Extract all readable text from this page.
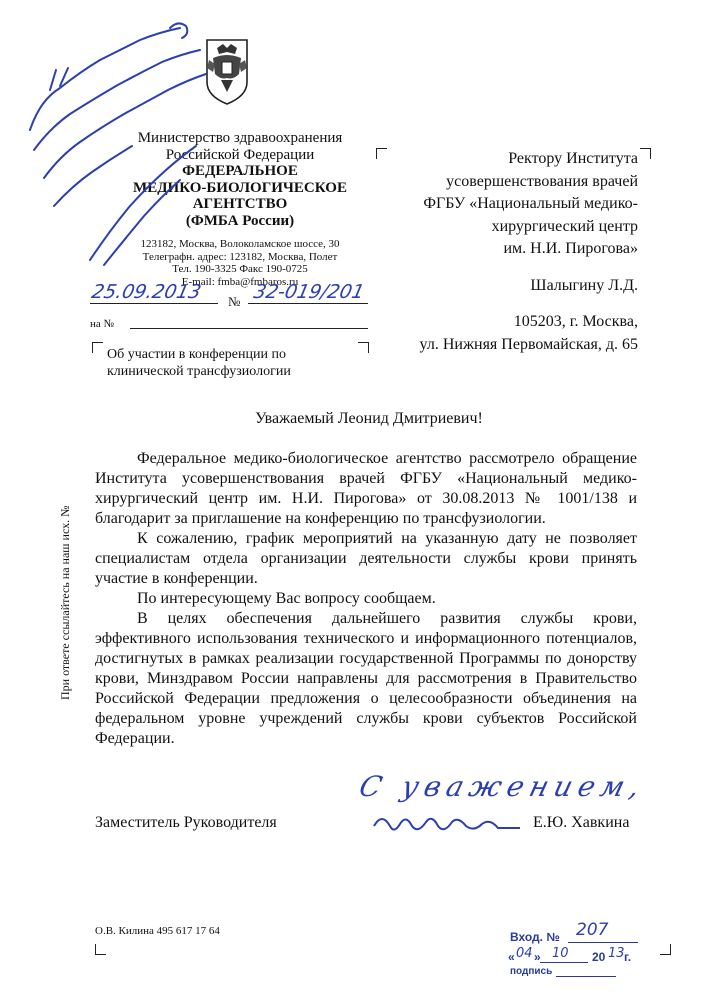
Министерство здравоохранения
Российской Федерации
ФЕДЕРАЛЬНОЕ
МЕДИКО-БИОЛОГИЧЕСКОЕ
АГЕНТСТВО
(ФМБА России)
123182, Москва, Волоколамское шоссе, 30
Телеграфн. адрес: 123182, Москва, Полет
Тел. 190-3325 Факс 190-0725
E-mail: fmba@fmbaros.ru
№
25.09.2013	32-019/201
на №
Об участии в конференции по
клинической трансфузиологии

Ректору Института

усовершенствования врачей

ФГБУ «Национальный медико-

хирургический центр

им. Н.И. Пирогова»

Шалыгину Л.Д.

105203, г. Москва,

ул. Нижняя Первомайская, д. 65

При ответе ссылайтесь на наш исх. №
Уважаемый Леонид Дмитриевич!

Федеральное медико-биологическое агентство рассмотрело обращение Института усовершенствования врачей ФГБУ «Национальный медико-хирургический центр им. Н.И. Пирогова» от 30.08.2013 № 1001/138 и благодарит за приглашение на конференцию по трансфузиологии.

К сожалению, график мероприятий на указанную дату не позволяет специалистам отдела организации деятельности службы крови принять участие в конференции.

По интересующему Вас вопросу сообщаем.

В целях обеспечения дальнейшего развития службы крови, эффективного использования технического и информационного потенциалов, достигнутых в рамках реализации государственной Программы по донорству крови, Минздравом России направлены для рассмотрения в Правительство Российской Федерации предложения о целесообразности объединения на федеральном уровне учреждений службы крови субъектов Российской Федерации.

Заместитель Руководителя	Е.Ю. Хавкина
С уважением,
О.В. Килина 495 617 17 64	Вход. № 207
« 04 » 10 20 13 г.
подпись
